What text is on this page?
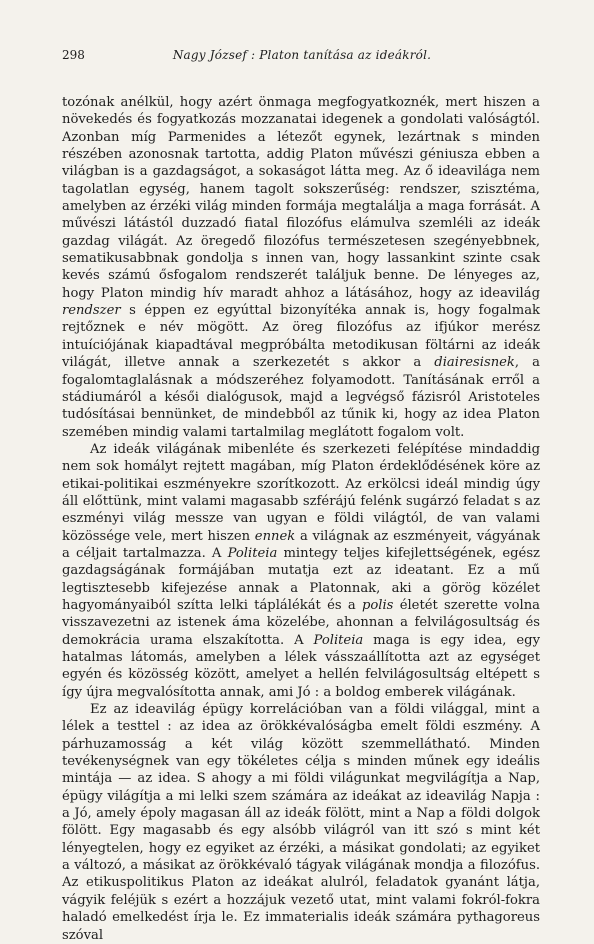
298	Nagy József : Platon tanítása az ideákról.

tozónak anélkül, hogy azért önmaga megfogyatkoznék, mert hiszen a növekedés és fogyatkozás mozzanatai idegenek a gondolati valóságtól. Azonban míg Parmenides a létezőt egynek, lezártnak s minden részében azonosnak tartotta, addig Platon művészi géniusza ebben a világban is a gazdagságot, a sokaságot látta meg. Az ő ideavilága nem tagolatlan egység, hanem tagolt sokszerűség: rendszer, szisztéma, amelyben az érzéki világ minden formája megtalálja a maga forrását. A művészi látástól duzzadó fiatal filozófus elámulva szemléli az ideák gazdag világát. Az öregedő filozófus természetesen szegényebbnek, sematikusabbnak gondolja s innen van, hogy lassankint szinte csak kevés számú ősfogalom rendszerét találjuk benne. De lényeges az, hogy Platon mindig hív maradt ahhoz a látásához, hogy az ideavilág rendszer s éppen ez egyúttal bizonyítéka annak is, hogy fogalmak rejtőznek e név mögött. Az öreg filozófus az ifjúkor merész intuíciójának kiapadtával megpróbálta metodikusan föltárni az ideák világát, illetve annak a szerkezetét s akkor a diairesisnek, a fogalomtaglalásnak a módszeréhez folyamodott. Tanításának erről a stádiumáról a késői dialógusok, majd a legvégső fázisról Aristoteles tudósításai bennünket, de mindebből az tűnik ki, hogy az idea Platon szemében mindig valami tartalmilag meglátott fogalom volt.

Az ideák világának mibenléte és szerkezeti felépítése mindaddig nem sok homályt rejtett magában, míg Platon érdeklődésének köre az etikai-politikai eszményekre szorítkozott. Az erkölcsi ideál mindig úgy áll előttünk, mint valami magasabb szférájú felénk sugárzó feladat s az eszményi világ messze van ugyan e földi világtól, de van valami közössége vele, mert hiszen ennek a világnak az eszményeit, vágyának a céljait tartalmazza. A Politeia mintegy teljes kifejlettségének, egész gazdagságának formájában mutatja ezt az ideatant. Ez a mű legtisztesebb kifejezése annak a Platonnak, aki a görög közélet hagyományaiból szítta lelki táplálékát és a polis életét szerette volna visszavezetni az istenek áma közelébe, ahonnan a felvilágosultság és demokrácia urama elszakította. A Politeia maga is egy idea, egy hatalmas látomás, amelyben a lélek vásszaállította azt az egységet egyén és közösség között, amelyet a hellén felvilágosultság eltépett s így újra megvalósította annak, ami Jó : a boldog emberek világának.

Ez az ideavilág épügy korrelációban van a földi világgal, mint a lélek a testtel : az idea az örökkévalóságba emelt földi eszmény. A párhuzamosság a két világ között szemmellátható. Minden tevékenységnek van egy tökéletes célja s minden műnek egy ideális mintája — az idea. S ahogy a mi földi világunkat megvilágítja a Nap, épügy világítja a mi lelki szem számára az ideákat az ideavilág Napja : a Jó, amely époly magasan áll az ideák fölött, mint a Nap a földi dolgok fölött. Egy magasabb és egy alsóbb világról van itt szó s mint két lényegtelen, hogy ez egyiket az érzéki, a másikat gondolati; az egyiket a változó, a másikat az örökkévaló tágyak világának mondja a filozófus. Az etikuspolitikus Platon az ideákat alulról, feladatok gyanánt látja, vágyik feléjük s ezért a hozzájuk vezető utat, mint valami fokról-fokra haladó emelkedést írja le. Ez immaterialis ideák számára pythagoreus szóval
